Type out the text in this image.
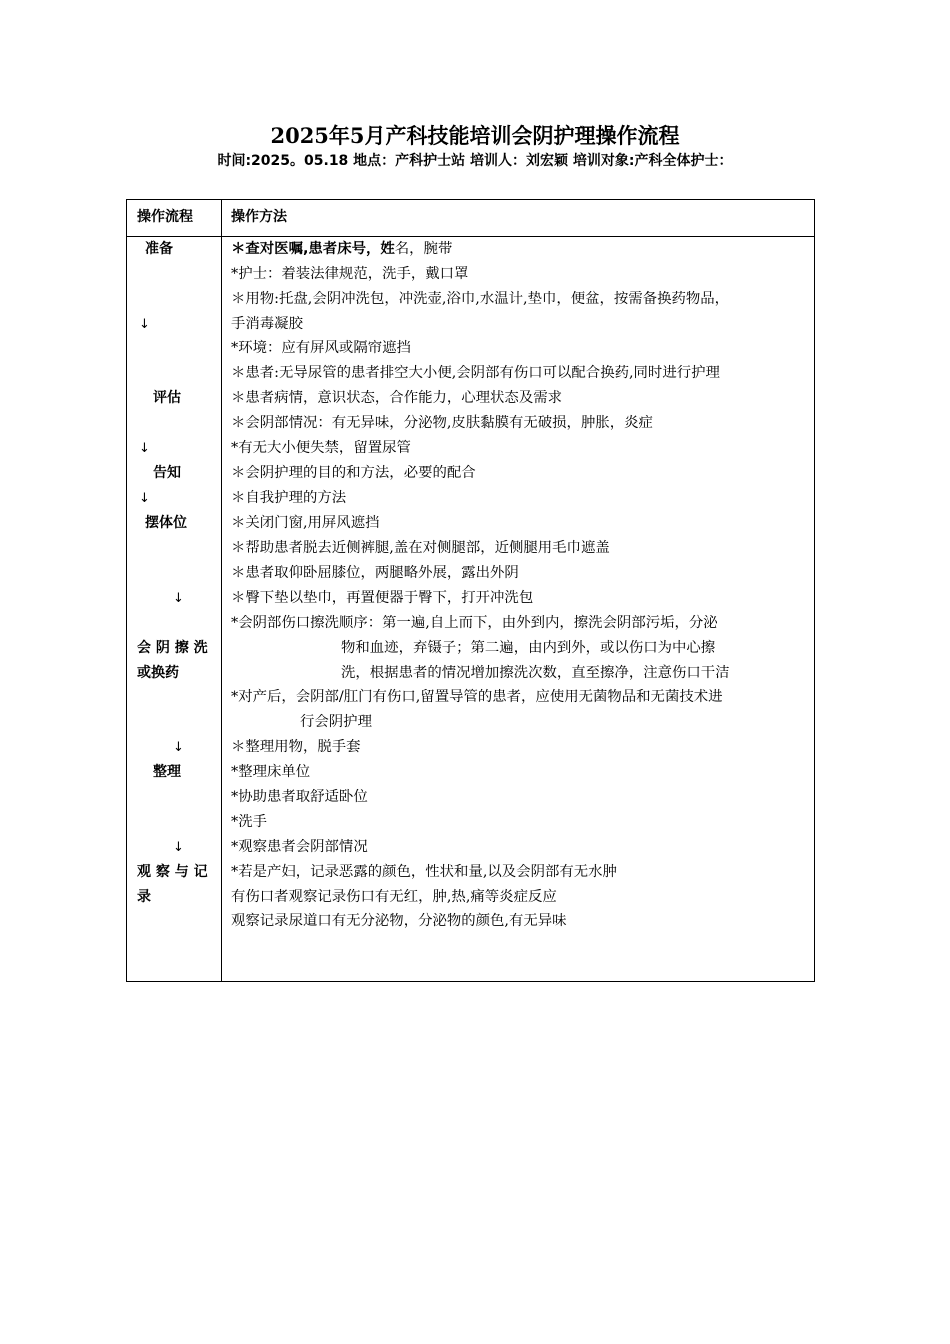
2025年5月产科技能培训会阴护理操作流程
时间:2025。05.18 地点：产科护士站 培训人：刘宏颖 培训对象:产科全体护士：
操作流程	操作方法
准备
↓
评估
↓
告知
↓
摆体位
↓
会 阴 擦 洗
或换药
↓
整理
↓
观 察 与 记
录
＊查对医嘱,患者床号，姓名，腕带
*护士：着装法律规范，洗手，戴口罩
＊用物:托盘,会阴冲洗包，冲洗壶,浴巾,水温计,垫巾，便盆，按需备换药物品，
手消毒凝胶
*环境：应有屏风或隔帘遮挡
＊患者:无导尿管的患者排空大小便,会阴部有伤口可以配合换药,同时进行护理
＊患者病情，意识状态，合作能力，心理状态及需求
＊会阴部情况：有无异味，分泌物,皮肤黏膜有无破损，肿胀，炎症
*有无大小便失禁，留置尿管
＊会阴护理的目的和方法，必要的配合
＊自我护理的方法
＊关闭门窗,用屏风遮挡
＊帮助患者脱去近侧裤腿,盖在对侧腿部，近侧腿用毛巾遮盖
＊患者取仰卧屈膝位，两腿略外展，露出外阴
＊臀下垫以垫巾，再置便器于臀下，打开冲洗包
*会阴部伤口擦洗顺序：第一遍,自上而下，由外到内，擦洗会阴部污垢，分泌
物和血迹，弃镊子；第二遍，由内到外，或以伤口为中心擦
洗，根据患者的情况增加擦洗次数，直至擦净，注意伤口干洁
*对产后，会阴部/肛门有伤口,留置导管的患者，应使用无菌物品和无菌技术进
行会阴护理
＊整理用物，脱手套
*整理床单位
*协助患者取舒适卧位
*洗手
*观察患者会阴部情况
*若是产妇，记录恶露的颜色，性状和量,以及会阴部有无水肿
有伤口者观察记录伤口有无红，肿,热,痛等炎症反应
观察记录尿道口有无分泌物，分泌物的颜色,有无异味
